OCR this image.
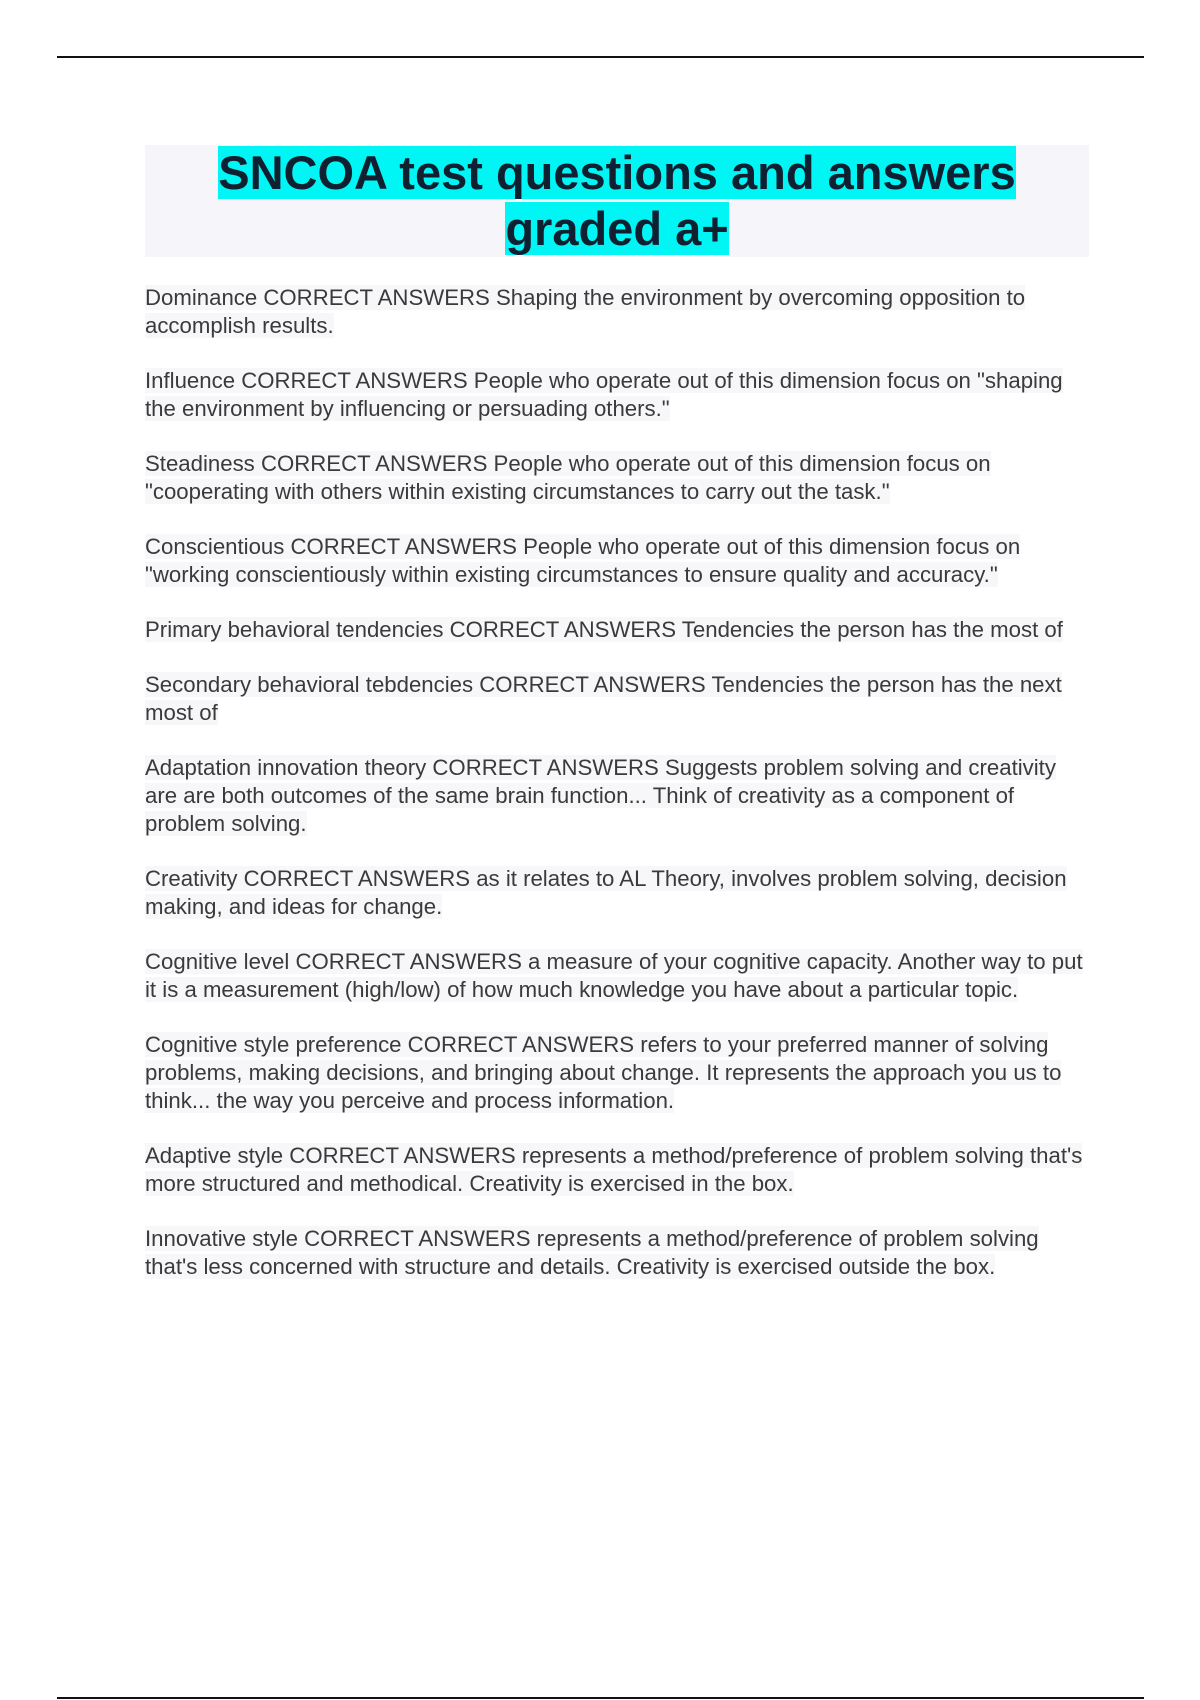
SNCOA test questions and answers graded a+

Dominance CORRECT ANSWERS Shaping the environment by overcoming opposition to accomplish results.

Influence CORRECT ANSWERS People who operate out of this dimension focus on "shaping the environment by influencing or persuading others."

Steadiness CORRECT ANSWERS People who operate out of this dimension focus on "cooperating with others within existing circumstances to carry out the task."

Conscientious CORRECT ANSWERS People who operate out of this dimension focus on "working conscientiously within existing circumstances to ensure quality and accuracy."

Primary behavioral tendencies CORRECT ANSWERS Tendencies the person has the most of

Secondary behavioral tebdencies CORRECT ANSWERS Tendencies the person has the next most of

Adaptation innovation theory CORRECT ANSWERS Suggests problem solving and creativity are are both outcomes of the same brain function... Think of creativity as a component of problem solving.

Creativity CORRECT ANSWERS as it relates to AL Theory, involves problem solving, decision making, and ideas for change.

Cognitive level CORRECT ANSWERS a measure of your cognitive capacity. Another way to put it is a measurement (high/low) of how much knowledge you have about a particular topic.

Cognitive style preference CORRECT ANSWERS refers to your preferred manner of solving problems, making decisions, and bringing about change. It represents the approach you us to think... the way you perceive and process information.

Adaptive style CORRECT ANSWERS represents a method/preference of problem solving that's more structured and methodical. Creativity is exercised in the box.

Innovative style CORRECT ANSWERS represents a method/preference of problem solving that's less concerned with structure and details. Creativity is exercised outside the box.
